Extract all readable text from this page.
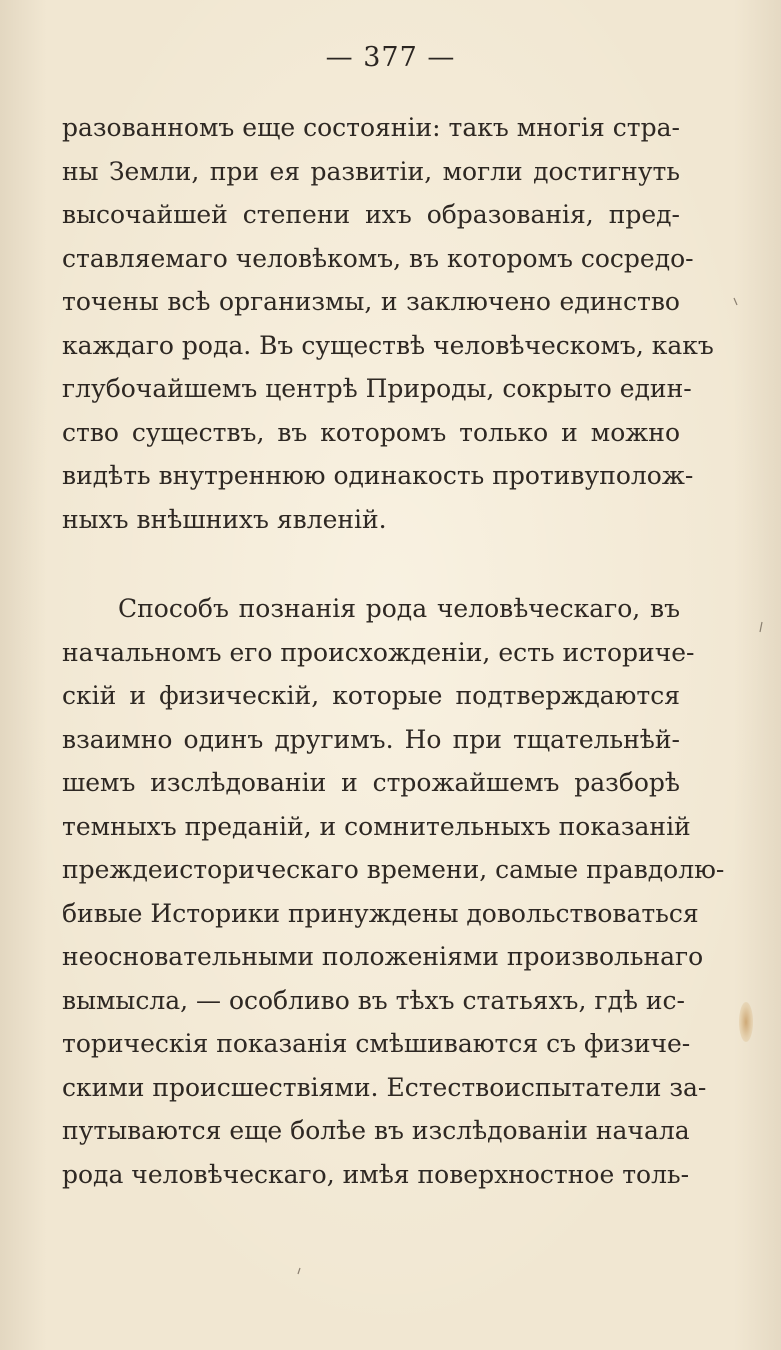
— 377 —
разованномъ еще состоянiи: такъ многiя стра-
ны Земли, при ея развитiи, могли достигнуть
высочайшей степени ихъ образованiя, пред-
ставляемаго человѣкомъ, въ которомъ сосредо-
точены всѣ организмы, и заключено единство
каждаго рода. Въ существѣ человѣческомъ, какъ
глубочайшемъ центрѣ Природы, сокрыто един-
ство существъ, въ которомъ только и можно
видѣть внутреннюю одинакость противуполож-
ныхъ внѣшнихъ явленiй.
Способъ познанiя рода человѣческаго, въ
начальномъ его происхожденiи, есть историче-
скiй и физическiй, которые подтверждаются
взаимно одинъ другимъ. Но при тщательнѣй-
шемъ изслѣдованiи и строжайшемъ разборѣ
темныхъ преданiй, и сомнительныхъ показанiй
преждеисторическаго времени, самые правдолю-
бивые Историки принуждены довольствоваться
неосновательными положенiями произвольнаго
вымысла, — особливо въ тѣхъ статьяхъ, гдѣ ис-
торическiя показанiя смѣшиваются съ физиче-
скими происшествiями. Естествоиспытатели за-
путываются еще болѣе въ изслѣдованiи начала
рода человѣческаго, имѣя поверхностное толь-
